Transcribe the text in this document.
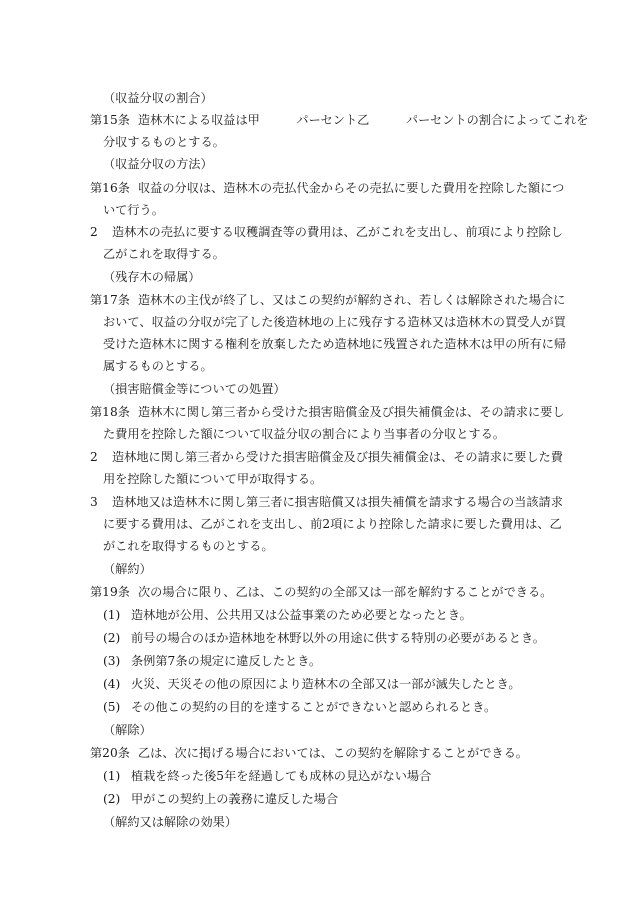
（収益分収の割合）
第15条 造林木による収益は甲　　　パーセント乙　　　パーセントの割合によってこれを
分収するものとする。
（収益分収の方法）
第16条 収益の分収は、造林木の売払代金からその売払に要した費用を控除した額につ
いて行う。
2 造林木の売払に要する収穫調査等の費用は、乙がこれを支出し、前項により控除し
乙がこれを取得する。
（残存木の帰属）
第17条 造林木の主伐が終了し、又はこの契約が解約され、若しくは解除された場合に
おいて、収益の分収が完了した後造林地の上に残存する造林又は造林木の買受人が買
受けた造林木に関する権利を放棄したため造林地に残置された造林木は甲の所有に帰
属するものとする。
（損害賠償金等についての処置）
第18条 造林木に関し第三者から受けた損害賠償金及び損失補償金は、その請求に要し
た費用を控除した額について収益分収の割合により当事者の分収とする。
2 造林地に関し第三者から受けた損害賠償金及び損失補償金は、その請求に要した費
用を控除した額について甲が取得する。
3 造林地又は造林木に関し第三者に損害賠償又は損失補償を請求する場合の当該請求
に要する費用は、乙がこれを支出し、前2項により控除した請求に要した費用は、乙
がこれを取得するものとする。
（解約）
第19条 次の場合に限り、乙は、この契約の全部又は一部を解約することができる。
(1) 造林地が公用、公共用又は公益事業のため必要となったとき。
(2) 前号の場合のほか造林地を林野以外の用途に供する特別の必要があるとき。
(3) 条例第7条の規定に違反したとき。
(4) 火災、天災その他の原因により造林木の全部又は一部が滅失したとき。
(5) その他この契約の目的を達することができないと認められるとき。
（解除）
第20条 乙は、次に掲げる場合においては、この契約を解除することができる。
(1) 植栽を終った後5年を経過しても成林の見込がない場合
(2) 甲がこの契約上の義務に違反した場合
（解約又は解除の効果）
